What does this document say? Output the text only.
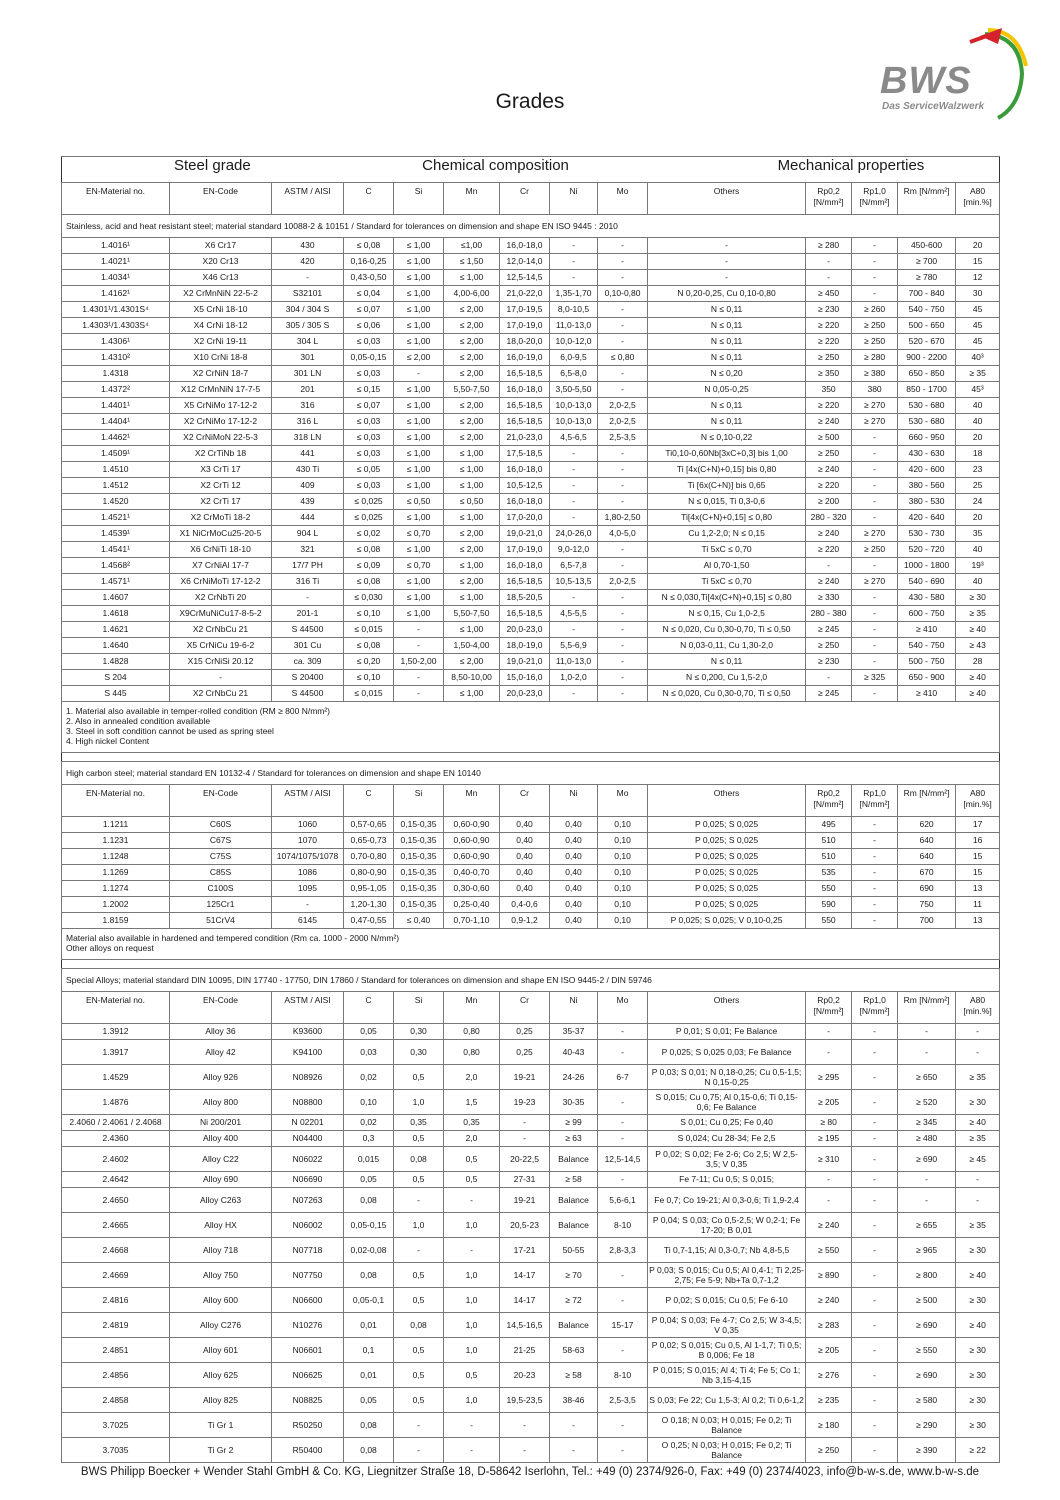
Grades	BWS
Das ServiceWalzwerk
Steel grade			Chemical composition						Mechanical properties				
EN-Material no.	EN-Code	ASTM / AISI	C	Si	Mn	Cr	Ni	Mo	Others	Rp0,2 [N/mm²]	Rp1,0 [N/mm²]	Rm [N/mm²]	A80 [min.%]
Stainless, acid and heat resistant steel; material standard 10088-2 & 10151 / Standard for tolerances on dimension and shape EN ISO 9445 : 2010													
1.4016¹	X6 Cr17	430	≤ 0,08	≤ 1,00	≤1,00	16,0-18,0	-	-	-	≥ 280	-	450-600	20
1.4021¹	X20 Cr13	420	0,16-0,25	≤ 1,00	≤ 1,50	12,0-14,0	-	-	-	-	-	≥ 700	15
1.4034¹	X46 Cr13	-	0,43-0,50	≤ 1,00	≤ 1,00	12,5-14,5	-	-	-	-	-	≥ 780	12
1.4162¹	X2 CrMnNiN 22-5-2	S32101	≤ 0,04	≤ 1,00	4,00-6,00	21,0-22,0	1,35-1,70	0,10-0,80	N 0,20-0,25, Cu 0,10-0,80	≥ 450	-	700 - 840	30
1.4301¹/1.4301S⁴	X5 CrNi 18-10	304 / 304 S	≤ 0,07	≤ 1,00	≤ 2,00	17,0-19,5	8,0-10,5	-	N ≤ 0,11	≥ 230	≥ 260	540 - 750	45
1.4303¹/1.4303S⁴	X4 CrNi 18-12	305 / 305 S	≤ 0,06	≤ 1,00	≤ 2,00	17,0-19,0	11,0-13,0	-	N ≤ 0,11	≥ 220	≥ 250	500 - 650	45
1.4306¹	X2 CrNi 19-11	304 L	≤ 0,03	≤ 1,00	≤ 2,00	18,0-20,0	10,0-12,0	-	N ≤ 0,11	≥ 220	≥ 250	520 - 670	45
1.4310²	X10 CrNi 18-8	301	0,05-0,15	≤ 2,00	≤ 2,00	16,0-19,0	6,0-9,5	≤ 0,80	N ≤ 0,11	≥ 250	≥ 280	900 - 2200	40³
1.4318	X2 CrNiN 18-7	301 LN	≤ 0,03	-	≤ 2,00	16,5-18,5	6,5-8,0	-	N ≤ 0,20	≥ 350	≥ 380	650 - 850	≥ 35
1.4372²	X12 CrMnNiN 17-7-5	201	≤ 0,15	≤ 1,00	5,50-7,50	16,0-18,0	3,50-5,50	-	N 0,05-0,25	350	380	850 - 1700	45³
1.4401¹	X5 CrNiMo 17-12-2	316	≤ 0,07	≤ 1,00	≤ 2,00	16,5-18,5	10,0-13,0	2,0-2,5	N ≤ 0,11	≥ 220	≥ 270	530 - 680	40
1.4404¹	X2 CrNiMo 17-12-2	316 L	≤ 0,03	≤ 1,00	≤ 2,00	16,5-18,5	10,0-13,0	2,0-2,5	N ≤ 0,11	≥ 240	≥ 270	530 - 680	40
1.4462¹	X2 CrNiMoN 22-5-3	318 LN	≤ 0,03	≤ 1,00	≤ 2,00	21,0-23,0	4,5-6,5	2,5-3,5	N ≤ 0,10-0,22	≥ 500	-	660 - 950	20
1.4509¹	X2 CrTiNb 18	441	≤ 0,03	≤ 1,00	≤ 1,00	17,5-18,5	-	-	Ti0,10-0,60Nb[3xC+0,3] bis 1,00	≥ 250	-	430 - 630	18
1.4510	X3 CrTi 17	430 Ti	≤ 0,05	≤ 1,00	≤ 1,00	16,0-18,0	-	-	Ti [4x(C+N)+0,15] bis 0,80	≥ 240	-	420 - 600	23
1.4512	X2 CrTi 12	409	≤ 0,03	≤ 1,00	≤ 1,00	10,5-12,5	-	-	Ti [6x(C+N)] bis 0,65	≥ 220	-	380 - 560	25
1.4520	X2 CrTi 17	439	≤ 0,025	≤ 0,50	≤ 0,50	16,0-18,0	-	-	N ≤ 0,015, Ti 0,3-0,6	≥ 200	-	380 - 530	24
1.4521¹	X2 CrMoTi 18-2	444	≤ 0,025	≤ 1,00	≤ 1,00	17,0-20,0	-	1,80-2,50	Ti[4x(C+N)+0,15] ≤ 0,80	280 - 320	-	420 - 640	20
1.4539¹	X1 NiCrMoCu25-20-5	904 L	≤ 0,02	≤ 0,70	≤ 2,00	19,0-21,0	24,0-26,0	4,0-5,0	Cu 1,2-2,0; N ≤ 0,15	≥ 240	≥ 270	530 - 730	35
1.4541¹	X6 CrNiTi 18-10	321	≤ 0,08	≤ 1,00	≤ 2,00	17,0-19,0	9,0-12,0	-	Ti 5xC ≤ 0,70	≥ 220	≥ 250	520 - 720	40
1.4568²	X7 CrNiAl 17-7	17/7 PH	≤ 0,09	≤ 0,70	≤ 1,00	16,0-18,0	6,5-7,8	-	Al 0,70-1,50	-	-	1000 - 1800	19³
1.4571¹	X6 CrNiMoTi 17-12-2	316 Ti	≤ 0,08	≤ 1,00	≤ 2,00	16,5-18,5	10,5-13,5	2,0-2,5	Ti 5xC ≤ 0,70	≥ 240	≥ 270	540 - 690	40
1.4607	X2 CrNbTi 20	-	≤ 0,030	≤ 1,00	≤ 1,00	18,5-20,5	-	-	N ≤ 0,030,Ti[4x(C+N)+0,15] ≤ 0,80	≥ 330	-	430 - 580	≥ 30
1.4618	X9CrMuNiCu17-8-5-2	201-1	≤ 0,10	≤ 1,00	5,50-7,50	16,5-18,5	4,5-5,5	-	N ≤ 0,15, Cu 1,0-2,5	280 - 380	-	600 - 750	≥ 35
1.4621	X2 CrNbCu 21	S 44500	≤ 0,015	-	≤ 1,00	20,0-23,0	-	-	N ≤ 0,020, Cu 0,30-0,70, Ti ≤ 0,50	≥ 245	-	≥ 410	≥ 40
1.4640	X5 CrNiCu 19-6-2	301 Cu	≤ 0,08	-	1,50-4,00	18,0-19,0	5,5-6,9	-	N 0,03-0,11, Cu 1,30-2,0	≥ 250	-	540 - 750	≥ 43
1.4828	X15 CrNiSi 20.12	ca. 309	≤ 0,20	1,50-2,00	≤ 2,00	19,0-21,0	11,0-13,0	-	N ≤ 0,11	≥ 230	-	500 - 750	28
S 204	-	S 20400	≤ 0,10	-	8,50-10,00	15,0-16,0	1,0-2,0	-	N ≤ 0,200, Cu 1,5-2,0	-	≥ 325	650 - 900	≥ 40
S 445	X2 CrNbCu 21	S 44500	≤ 0,015	-	≤ 1,00	20,0-23,0	-	-	N ≤ 0,020, Cu 0,30-0,70, Ti ≤ 0,50	≥ 245	-	≥ 410	≥ 40

1. Material also available in temper-rolled condition (RM ≥ 800 N/mm²)
2. Also in annealed condition available
3. Steel in soft condition cannot be used as spring steel
4. High nickel Content													

High carbon steel; material standard EN 10132-4 / Standard for tolerances on dimension and shape EN 10140													
EN-Material no.	EN-Code	ASTM / AISI	C	Si	Mn	Cr	Ni	Mo	Others	Rp0,2 [N/mm²]	Rp1,0 [N/mm²]	Rm [N/mm²]	A80 [min.%]
1.1211	C60S	1060	0,57-0,65	0,15-0,35	0,60-0,90	0,40	0,40	0,10	P 0,025; S 0,025	495	-	620	17
1.1231	C67S	1070	0,65-0,73	0,15-0,35	0,60-0,90	0,40	0,40	0,10	P 0,025; S 0,025	510	-	640	16
1.1248	C75S	1074/1075/1078	0,70-0,80	0,15-0,35	0,60-0,90	0,40	0,40	0,10	P 0,025; S 0,025	510	-	640	15
1.1269	C85S	1086	0,80-0,90	0,15-0,35	0,40-0,70	0,40	0,40	0,10	P 0,025; S 0,025	535	-	670	15
1.1274	C100S	1095	0,95-1,05	0,15-0,35	0,30-0,60	0,40	0,40	0,10	P 0,025; S 0,025	550	-	690	13
1.2002	125Cr1	-	1,20-1,30	0,15-0,35	0,25-0,40	0,4-0,6	0,40	0,10	P 0,025; S 0,025	590	-	750	11
1.8159	51CrV4	6145	0,47-0,55	≤ 0,40	0,70-1,10	0,9-1,2	0,40	0,10	P 0,025; S 0,025; V 0,10-0,25	550	-	700	13

Material also available in hardened and tempered condition (Rm ca. 1000 - 2000 N/mm²)
Other alloys on request													

Special Alloys; material standard DIN 10095, DIN 17740 - 17750, DIN 17860 / Standard for tolerances on dimension and shape EN ISO 9445-2 / DIN 59746													
EN-Material no.	EN-Code	ASTM / AISI	C	Si	Mn	Cr	Ni	Mo	Others	Rp0,2 [N/mm²]	Rp1,0 [N/mm²]	Rm [N/mm²]	A80 [min.%]
1.3912	Alloy 36	K93600	0,05	0,30	0,80	0,25	35-37	-	P 0,01; S 0,01; Fe Balance	-	-	-	-
1.3917	Alloy 42	K94100	0,03	0,30	0,80	0,25	40-43	-	P 0,025; S 0,025 0,03; Fe Balance	-	-	-	-
1.4529	Alloy 926	N08926	0,02	0,5	2,0	19-21	24-26	6-7	P 0,03; S 0,01; N 0,18-0,25; Cu 0,5-1,5; N 0,15-0,25	≥ 295	-	≥ 650	≥ 35
1.4876	Alloy 800	N08800	0,10	1,0	1,5	19-23	30-35	-	S 0,015; Cu 0,75; Al 0,15-0,6; Ti 0,15-0,6; Fe Balance	≥ 205	-	≥ 520	≥ 30
2.4060 / 2.4061 / 2.4068	Ni 200/201	N 02201	0,02	0,35	0,35	-	≥ 99	-	S 0,01; Cu 0,25; Fe 0,40	≥ 80	-	≥ 345	≥ 40
2.4360	Alloy 400	N04400	0,3	0,5	2,0	-	≥ 63	-	S 0,024; Cu 28-34; Fe 2,5	≥ 195	-	≥ 480	≥ 35
2.4602	Alloy C22	N06022	0,015	0,08	0,5	20-22,5	Balance	12,5-14,5	P 0,02; S 0,02; Fe 2-6; Co 2,5; W 2,5-3,5; V 0,35	≥ 310	-	≥ 690	≥ 45
2.4642	Alloy 690	N06690	0,05	0,5	0,5	27-31	≥ 58	-	Fe 7-11; Cu 0,5; S 0,015;	-	-	-	-
2.4650	Alloy C263	N07263	0,08	-	-	19-21	Balance	5,6-6,1	Fe 0,7; Co 19-21; Al 0,3-0,6; Ti 1,9-2,4	-	-	-	-
2.4665	Alloy HX	N06002	0,05-0,15	1,0	1,0	20,5-23	Balance	8-10	P 0,04; S 0,03; Co 0,5-2,5; W 0,2-1; Fe 17-20; B 0,01	≥ 240	-	≥ 655	≥ 35
2.4668	Alloy 718	N07718	0,02-0,08	-	-	17-21	50-55	2,8-3,3	Ti 0,7-1,15; Al 0,3-0,7; Nb 4,8-5,5	≥ 550	-	≥ 965	≥ 30
2.4669	Alloy 750	N07750	0,08	0,5	1,0	14-17	≥ 70	-	P 0,03; S 0,015; Cu 0,5; Al 0,4-1; Ti 2,25-2,75; Fe 5-9; Nb+Ta 0,7-1,2	≥ 890	-	≥ 800	≥ 40
2.4816	Alloy 600	N06600	0,05-0,1	0,5	1,0	14-17	≥ 72	-	P 0,02; S 0,015; Cu 0,5; Fe 6-10	≥ 240	-	≥ 500	≥ 30
2.4819	Alloy C276	N10276	0,01	0,08	1,0	14,5-16,5	Balance	15-17	P 0,04; S 0,03; Fe 4-7; Co 2,5; W 3-4,5; V 0,35	≥ 283	-	≥ 690	≥ 40
2.4851	Alloy 601	N06601	0,1	0,5	1,0	21-25	58-63	-	P 0,02; S 0,015; Cu 0,5, Al 1-1,7; Ti 0,5; B 0,006; Fe 18	≥ 205	-	≥ 550	≥ 30
2.4856	Alloy 625	N06625	0,01	0,5	0,5	20-23	≥ 58	8-10	P 0,015; S 0,015; Al 4; Ti 4; Fe 5; Co 1; Nb 3,15-4,15	≥ 276	-	≥ 690	≥ 30
2.4858	Alloy 825	N08825	0,05	0,5	1,0	19,5-23,5	38-46	2,5-3,5	S 0,03; Fe 22; Cu 1,5-3; Al 0,2; Ti 0,6-1,2	≥ 235	-	≥ 580	≥ 30
3.7025	Ti Gr 1	R50250	0,08	-	-	-	-	-	O 0,18; N 0,03; H 0,015; Fe 0,2; Ti Balance	≥ 180	-	≥ 290	≥ 30
3.7035	Ti Gr 2	R50400	0,08	-	-	-	-	-	O 0,25; N 0,03; H 0,015; Fe 0,2; Ti Balance	≥ 250	-	≥ 390	≥ 22
BWS Philipp Boecker + Wender Stahl GmbH & Co. KG, Liegnitzer Straße 18, D-58642 Iserlohn, Tel.: +49 (0) 2374/926-0, Fax: +49 (0) 2374/4023, info@b-w-s.de, www.b-w-s.de
